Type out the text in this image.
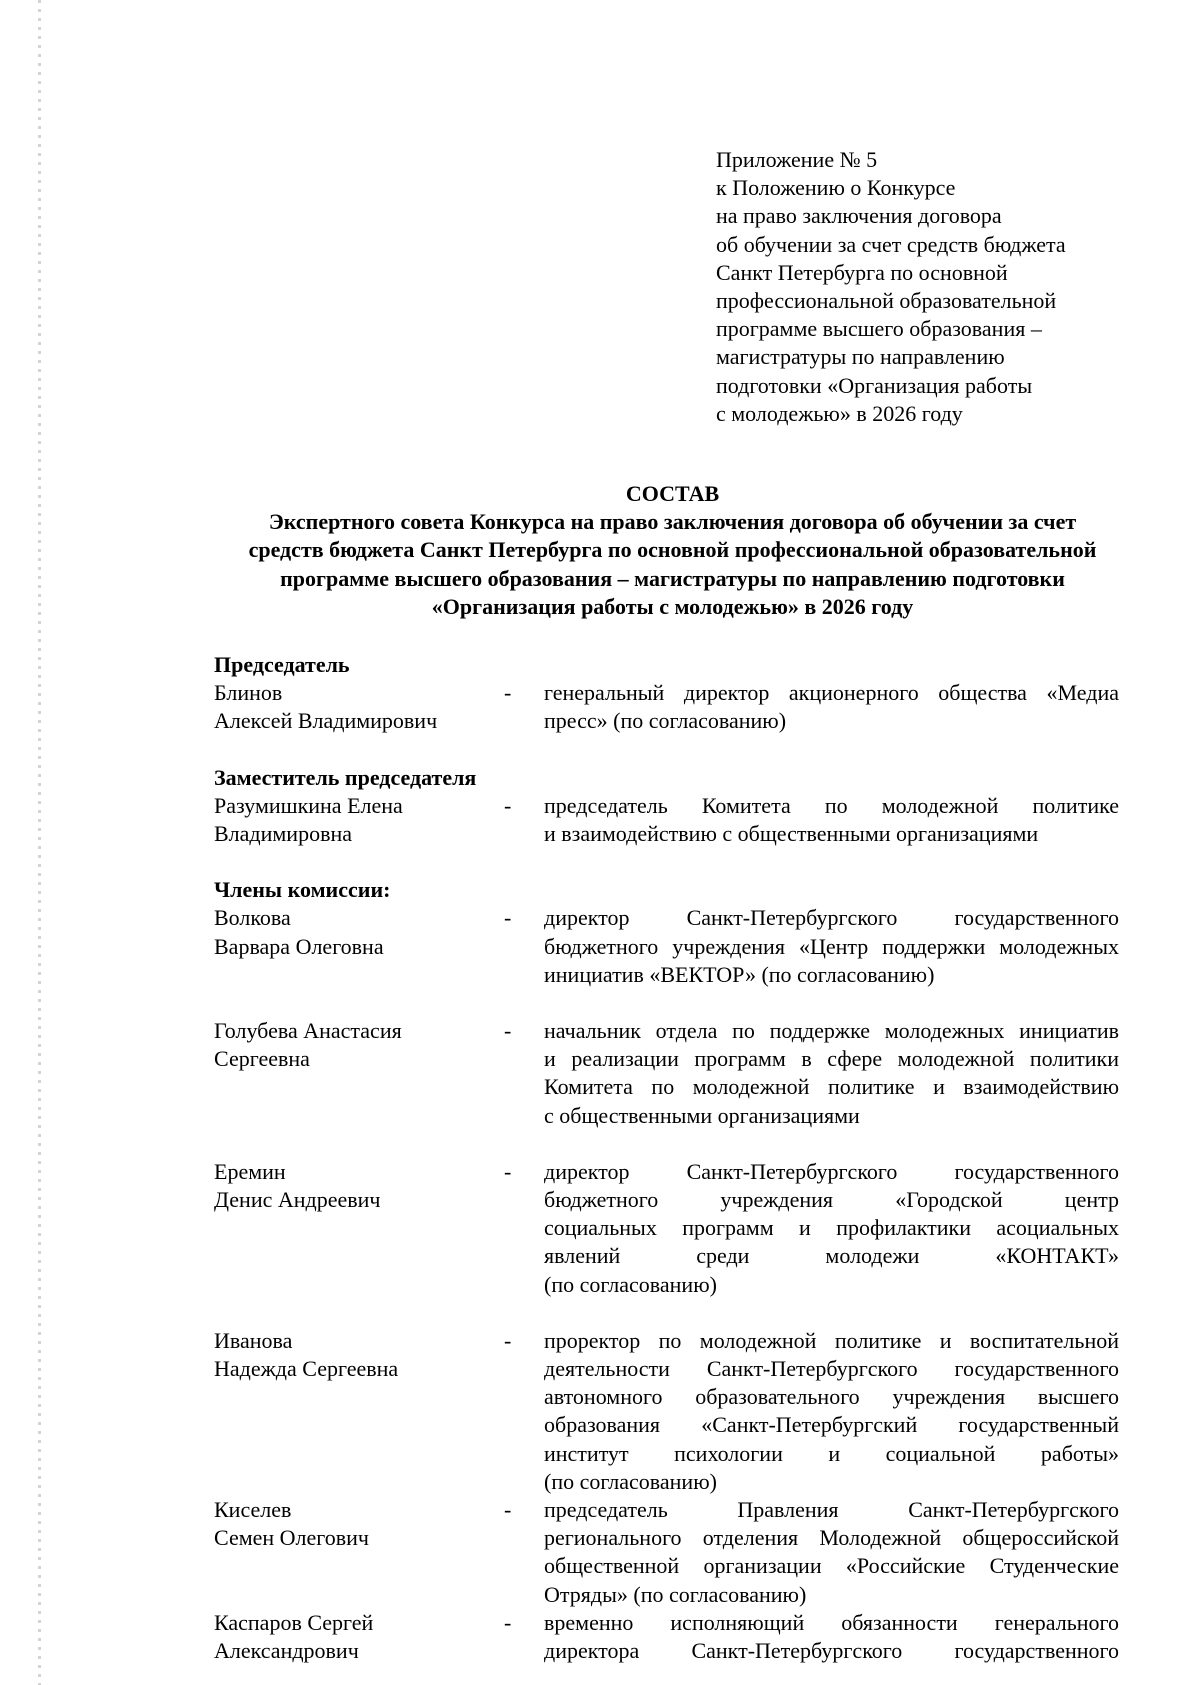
Приложение № 5
к Положению о Конкурсе
на право заключения договора
об обучении за счет средств бюджета
Санкт Петербурга по основной
профессиональной образовательной
программе высшего образования –
магистратуры по направлению
подготовки «Организация работы
с молодежью» в 2026 году
СОСТАВ
Экспертного совета Конкурса на право заключения договора об обучении за счет
средств бюджета Санкт Петербурга по основной профессиональной образовательной
программе высшего образования – магистратуры по направлению подготовки
«Организация работы с молодежью» в 2026 году
Председатель
Блинов
Алексей Владимирович
-	генеральный директор акционерного общества «Медиа
пресс» (по согласованию)
Заместитель председателя
Разумишкина Елена
Владимировна
-	председатель Комитета по молодежной политике
и взаимодействию с общественными организациями
Члены комиссии:
Волкова
Варвара Олеговна
-	директор Санкт-Петербургского государственного
бюджетного учреждения «Центр поддержки молодежных
инициатив «ВЕКТОР» (по согласованию)
Голубева Анастасия
Сергеевна
-	начальник отдела по поддержке молодежных инициатив
и реализации программ в сфере молодежной политики
Комитета по молодежной политике и взаимодействию
с общественными организациями
Еремин
Денис Андреевич
-	директор Санкт-Петербургского государственного
бюджетного учреждения «Городской центр
социальных программ и профилактики асоциальных
явлений среди молодежи «КОНТАКТ»
(по согласованию)
Иванова
Надежда Сергеевна
-	проректор по молодежной политике и воспитательной
деятельности Санкт-Петербургского государственного
автономного образовательного учреждения высшего
образования «Санкт-Петербургский государственный
институт психологии и социальной работы»
(по согласованию)
Киселев
Семен Олегович
-	председатель Правления Санкт-Петербургского
регионального отделения Молодежной общероссийской
общественной организации «Российские Студенческие
Отряды» (по согласованию)
Каспаров Сергей
Александрович
-	временно исполняющий обязанности генерального
директора Санкт-Петербургского государственного
